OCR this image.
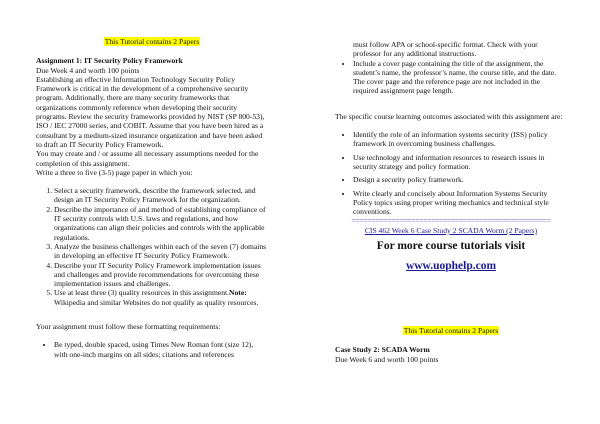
This Tutorial contains 2 Papers

Assignment 1: IT Security Policy Framework

Due Week 4 and worth 100 points

Establishing an effective Information Technology Security Policy Framework is critical in the development of a comprehensive security program. Additionally, there are many security frameworks that organizations commonly reference when developing their security programs. Review the security frameworks provided by NIST (SP 800-53), ISO / IEC 27000 series, and COBIT. Assume that you have been hired as a consultant by a medium-sized insurance organization and have been asked to draft an IT Security Policy Framework.

You may create and / or assume all necessary assumptions needed for the completion of this assignment.

Write a three to five (3-5) page paper in which you:

1. Select a security framework, describe the framework selected, and design an IT Security Policy Framework for the organization.
2. Describe the importance of and method of establishing compliance of IT security controls with U.S. laws and regulations, and how organizations can align their policies and controls with the applicable regulations.
3. Analyze the business challenges within each of the seven (7) domains in developing an effective IT Security Policy Framework.
4. Describe your IT Security Policy Framework implementation issues and challenges and provide recommendations for overcoming these implementation issues and challenges.
5. Use at least three (3) quality resources in this assignment.Note: Wikipedia and similar Websites do not qualify as quality resources.

Your assignment must follow these formatting requirements:

• Be typed, double spaced, using Times New Roman font (size 12), with one-inch margins on all sides; citations and references

must follow APA or school-specific format. Check with your professor for any additional instructions.

• Include a cover page containing the title of the assignment, the student’s name, the professor’s name, the course title, and the date. The cover page and the reference page are not included in the required assignment page length.

The specific course learning outcomes associated with this assignment are:

• Identify the role of an information systems security (ISS) policy framework in overcoming business challenges.
• Use technology and information resources to research issues in security strategy and policy formation.
• Design a security policy framework.
• Write clearly and concisely about Information Systems Security Policy topics using proper writing mechanics and technical style conventions.
==================================================
CIS 462 Week 6 Case Study 2 SCADA Worm (2 Papers)
For more course tutorials visit
www.uophelp.com
This Tutorial contains 2 Papers

Case Study 2: SCADA Worm

Due Week 6 and worth 100 points
